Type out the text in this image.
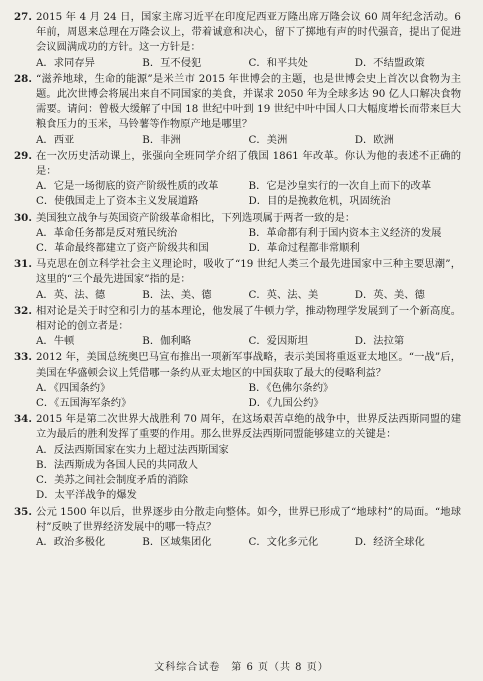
27. 2015 年 4 月 24 日，国家主席习近平在印度尼西亚万隆出席万隆会议 60 周年纪念活动。6 年前，周恩来总理在万隆会议上，带着诚意和决心，留下了掷地有声的时代强音，提出了促进会议圆满成功的方针。这一方针是：
A．求同存异	B．互不侵犯	C．和平共处	D．不结盟政策
28. “滋养地球，生命的能源”是米兰市 2015 年世博会的主题，也是世博会史上首次以食物为主题。此次世博会将展出来自不同国家的美食，并谋求 2050 年为全球多达 90 亿人口解决食物需要。请问：曾极大缓解了中国 18 世纪中叶到 19 世纪中叶中国人口大幅度增长而带来巨大粮食压力的玉米，马铃薯等作物原产地是哪里？
A．西亚	B．非洲	C．美洲	D．欧洲
29. 在一次历史活动课上，张强向全班同学介绍了俄国 1861 年改革。你认为他的表述不正确的是：
A．它是一场彻底的资产阶级性质的改革	B．它是沙皇实行的一次自上而下的改革
C．使俄国走上了资本主义发展道路	D．目的是挽救危机，巩固统治
30. 美国独立战争与英国资产阶级革命相比，下列选项属于两者一致的是：
A．革命任务都是反对殖民统治	B．革命都有利于国内资本主义经济的发展
C．革命最终都建立了资产阶级共和国	D．革命过程都非常顺利
31. 马克思在创立科学社会主义理论时，吸收了“19 世纪人类三个最先进国家中三种主要思潮”，这里的“三个最先进国家”指的是：
A．英、法、德	B．法、美、德	C．英、法、美	D．英、美、德
32. 相对论是关于时空和引力的基本理论，他发展了牛顿力学，推动物理学发展到了一个新高度。相对论的创立者是：
A．牛顿	B．伽利略	C．爱因斯坦	D．法拉第
33. 2012 年，美国总统奥巴马宣布推出一项新军事战略，表示美国将重返亚太地区。“一战”后，美国在华盛顿会议上凭借哪一条约从亚太地区的中国获取了最大的侵略利益？
A．《四国条约》	B．《色佛尔条约》
C．《五国海军条约》	D．《九国公约》
34. 2015 年是第二次世界大战胜利 70 周年，在这场艰苦卓绝的战争中，世界反法西斯同盟的建立为最后的胜利发挥了重要的作用。那么世界反法西斯同盟能够建立的关键是：
A．反法西斯国家在实力上超过法西斯国家
B．法西斯成为各国人民的共同敌人
C．美苏之间社会制度矛盾的消除
D．太平洋战争的爆发
35. 公元 1500 年以后，世界逐步由分散走向整体。如今，世界已形成了“地球村”的局面。“地球村”反映了世界经济发展中的哪一特点？
A．政治多极化	B．区域集团化	C．文化多元化	D．经济全球化
文科综合试卷　第 6 页（共 8 页）
